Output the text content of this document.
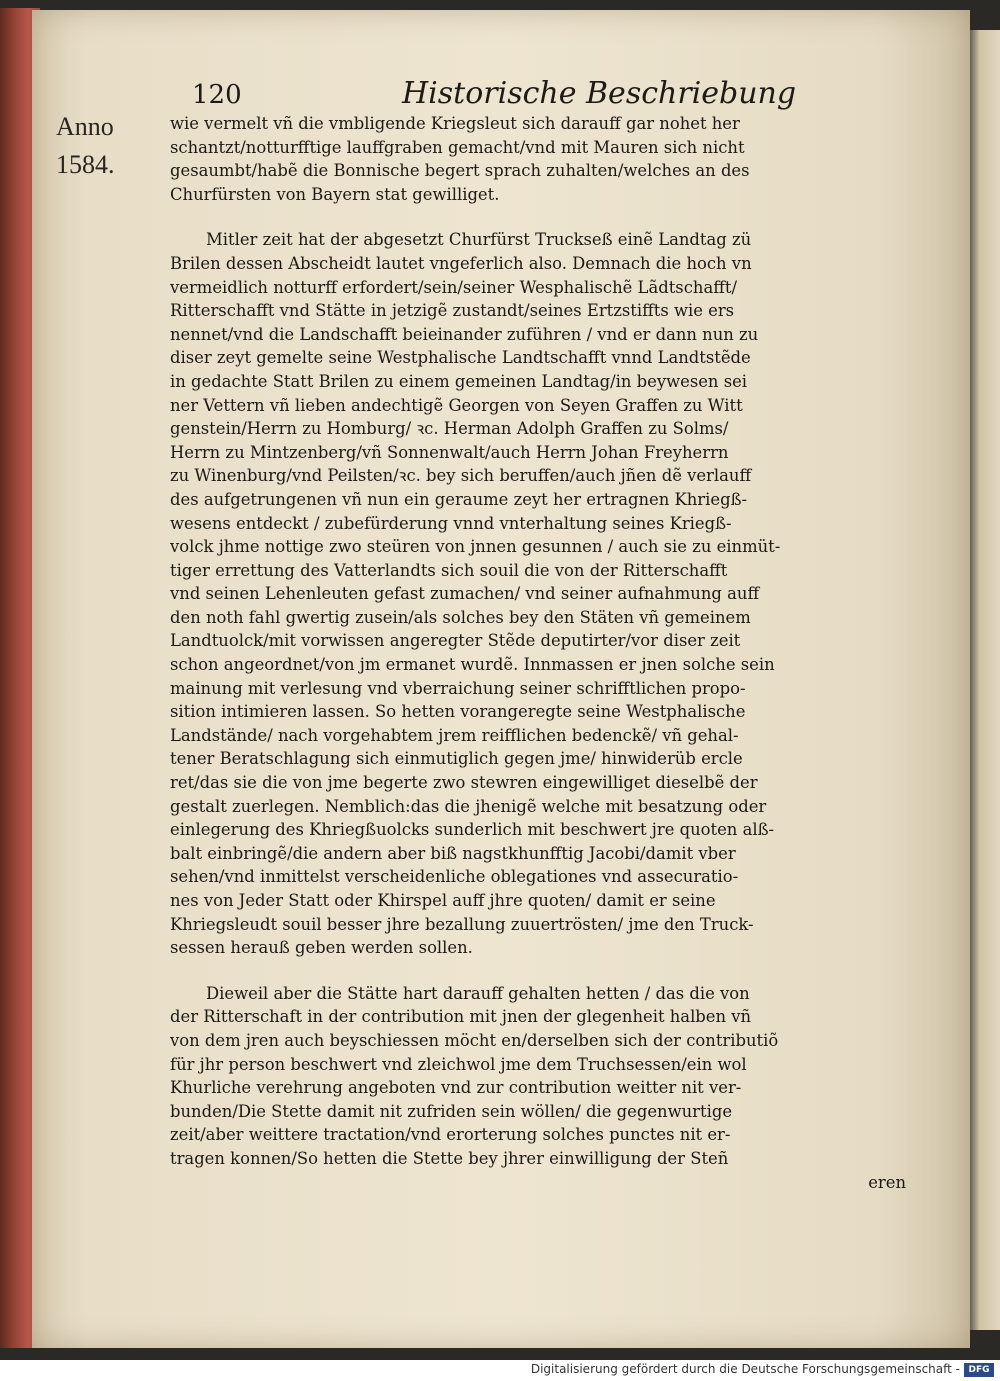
120	Historische Beschriebung
Anno
1584.
wie vermelt vñ die vmbligende Kriegsleut sich darauff gar nohet her
schantzt/notturfftige lauffgraben gemacht/vnd mit Mauren sich nicht
gesaumbt/habẽ die Bonnische begert sprach zuhalten/welches an des
Churfürsten von Bayern stat gewilliget.
Mitler zeit hat der abgesetzt Churfürst Truckseß einẽ Landtag zü
Brilen dessen Abscheidt lautet vngeferlich also. Demnach die hoch vn
vermeidlich notturff erfordert/sein/seiner Wesphalischẽ Lãdtschafft/
Ritterschafft vnd Stätte in jetzigẽ zustandt/seines Ertzstiffts wie ers
nennet/vnd die Landschafft beieinander zuführen / vnd er dann nun zu
diser zeyt gemelte seine Westphalische Landtschafft vnnd Landtstẽde
in gedachte Statt Brilen zu einem gemeinen Landtag/in beywesen sei
ner Vettern vñ lieben andechtigẽ Georgen von Seyen Graffen zu Witt
genstein/Herrn zu Homburg/ ꝛc. Herman Adolph Graffen zu Solms/
Herrn zu Mintzenberg/vñ Sonnenwalt/auch Herrn Johan Freyherrn
zu Winenburg/vnd Peilsten/ꝛc. bey sich beruffen/auch jñen dẽ verlauff
des aufgetrungenen vñ nun ein geraume zeyt her ertragnen Khriegß-
wesens entdeckt / zubefürderung vnnd vnterhaltung seines Kriegß-
volck jhme nottige zwo steüren von jnnen gesunnen / auch sie zu einmüt-
tiger errettung des Vatterlandts sich souil die von der Ritterschafft
vnd seinen Lehenleuten gefast zumachen/ vnd seiner aufnahmung auff
den noth fahl gwertig zusein/als solches bey den Stäten vñ gemeinem
Landtuolck/mit vorwissen angeregter Stẽde deputirter/vor diser zeit
schon angeordnet/von jm ermanet wurdẽ. Innmassen er jnen solche sein
mainung mit verlesung vnd vberraichung seiner schrifftlichen propo-
sition intimieren lassen. So hetten vorangeregte seine Westphalische
Landstände/ nach vorgehabtem jrem reifflichen bedenckẽ/ vñ gehal-
tener Beratschlagung sich einmutiglich gegen jme/ hinwiderüb ercle
ret/das sie die von jme begerte zwo stewren eingewilliget dieselbẽ der
gestalt zuerlegen. Nemblich:das die jhenigẽ welche mit besatzung oder
einlegerung des Khriegßuolcks sunderlich mit beschwert jre quoten alß-
balt einbringẽ/die andern aber biß nagstkhunfftig Jacobi/damit vber
sehen/vnd inmittelst verscheidenliche oblegationes vnd assecuratio-
nes von Jeder Statt oder Khirspel auff jhre quoten/ damit er seine
Khriegsleudt souil besser jhre bezallung zuuertrösten/ jme den Truck-
sessen herauß geben werden sollen.
Dieweil aber die Stätte hart darauff gehalten hetten / das die von
der Ritterschaft in der contribution mit jnen der glegenheit halben vñ
von dem jren auch beyschiessen möcht en/derselben sich der contributiõ
für jhr person beschwert vnd zleichwol jme dem Truchsessen/ein wol
Khurliche verehrung angeboten vnd zur contribution weitter nit ver-
bunden/Die Stette damit nit zufriden sein wöllen/ die gegenwurtige
zeit/aber weittere tractation/vnd erorterung solches punctes nit er-
tragen konnen/So hetten die Stette bey jhrer einwilligung der Steñ
eren
Digitalisierung gefördert durch die Deutsche Forschungsgemeinschaft - DFG
